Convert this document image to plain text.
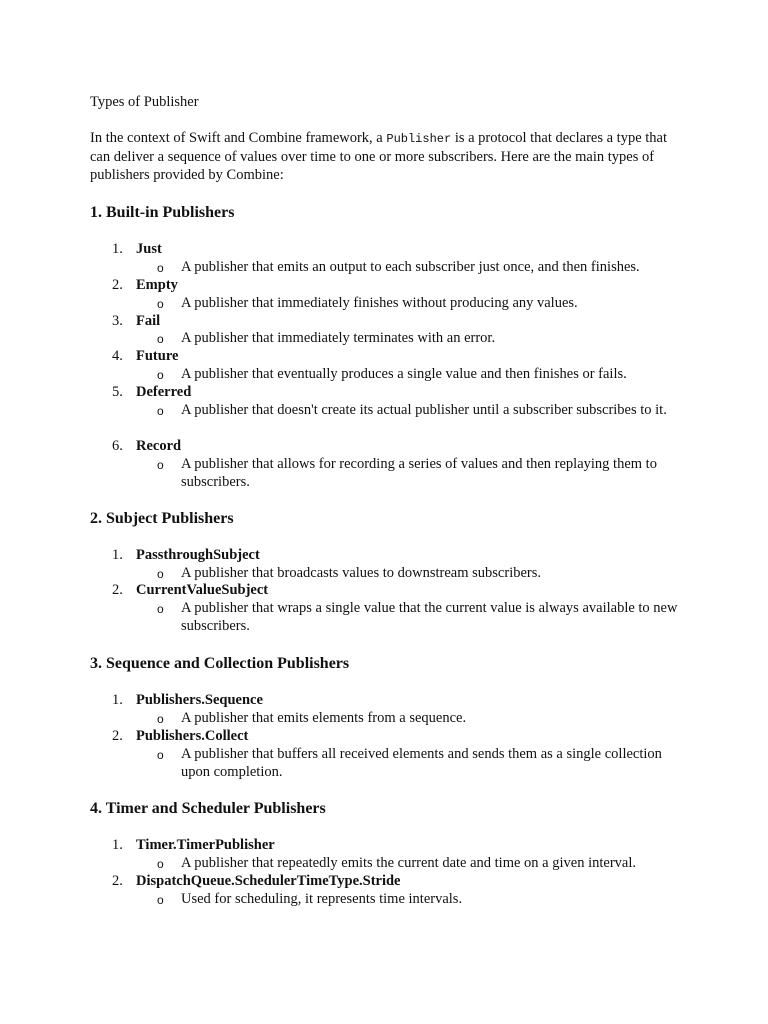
Types of Publisher
In the context of Swift and Combine framework, a Publisher is a protocol that declares a type that can deliver a sequence of values over time to one or more subscribers. Here are the main types of publishers provided by Combine:
1. Built-in Publishers
1. Just
o A publisher that emits an output to each subscriber just once, and then finishes.
2. Empty
o A publisher that immediately finishes without producing any values.
3. Fail
o A publisher that immediately terminates with an error.
4. Future
o A publisher that eventually produces a single value and then finishes or fails.
5. Deferred
o A publisher that doesn't create its actual publisher until a subscriber subscribes to it.
6. Record
o A publisher that allows for recording a series of values and then replaying them to subscribers.
2. Subject Publishers
1. PassthroughSubject
o A publisher that broadcasts values to downstream subscribers.
2. CurrentValueSubject
o A publisher that wraps a single value that the current value is always available to new subscribers.
3. Sequence and Collection Publishers
1. Publishers.Sequence
o A publisher that emits elements from a sequence.
2. Publishers.Collect
o A publisher that buffers all received elements and sends them as a single collection upon completion.
4. Timer and Scheduler Publishers
1. Timer.TimerPublisher
o A publisher that repeatedly emits the current date and time on a given interval.
2. DispatchQueue.SchedulerTimeType.Stride
o Used for scheduling, it represents time intervals.
